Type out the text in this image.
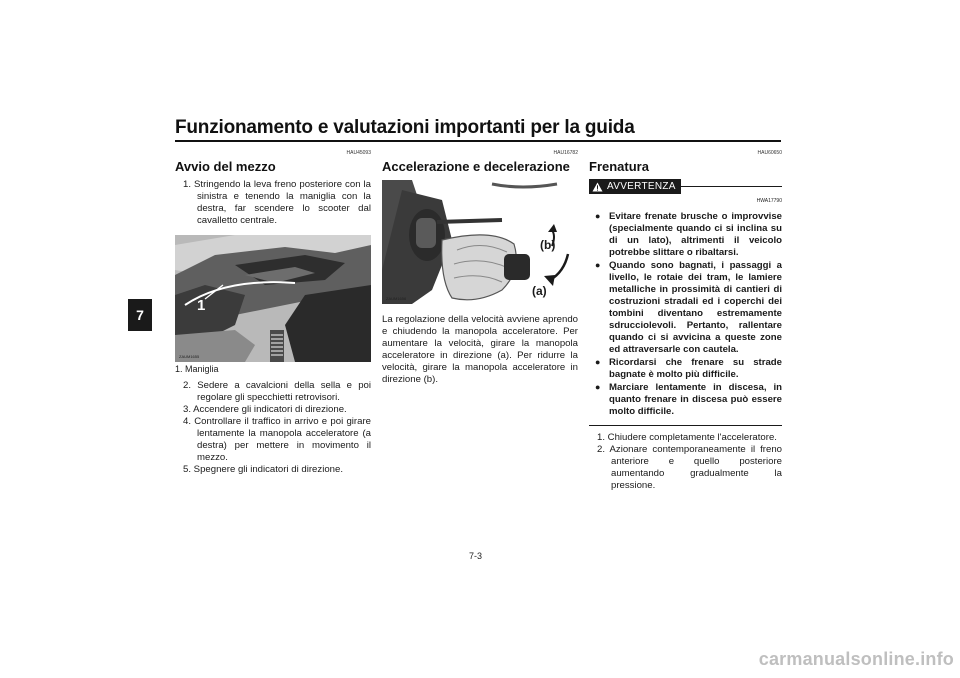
Funzionamento e valutazioni importanti per la guida
7
HAU45093
Avvio del mezzo
1. Stringendo la leva freno posteriore con la sinistra e tenendo la maniglia con la destra, far scendere lo scooter dal cavalletto centrale.
1
ZAUM1655
1. Maniglia
2. Sedere a cavalcioni della sella e poi regolare gli specchietti retrovisori.
3. Accendere gli indicatori di direzione.
4. Controllare il traffico in arrivo e poi girare lentamente la manopola acceleratore (a destra) per mettere in movimento il mezzo.
5. Spegnere gli indicatori di direzione.
HAU16782
Accelerazione e decelerazione
(b)
(a)
ZAUM1656

La regolazione della velocità avviene aprendo e chiudendo la manopola acceleratore. Per aumentare la velocità, girare la manopola acceleratore in direzione (a). Per ridurre la velocità, girare la manopola acceleratore in direzione (b).

HAU60650
Frenatura
AVVERTENZA
HWA17790
● Evitare frenate brusche o improvvise (specialmente quando ci si inclina su di un lato), altrimenti il veicolo potrebbe slittare o ribaltarsi.
● Quando sono bagnati, i passaggi a livello, le rotaie dei tram, le lamiere metalliche in prossimità di cantieri di costruzioni stradali ed i coperchi dei tombini diventano estremamente sdrucciolevoli. Pertanto, rallentare quando ci si avvicina a queste zone ed attraversarle con cautela.
● Ricordarsi che frenare su strade bagnate è molto più difficile.
● Marciare lentamente in discesa, in quanto frenare in discesa può essere molto difficile.
1. Chiudere completamente l'acceleratore.
2. Azionare contemporaneamente il freno anteriore e quello posteriore aumentando gradualmente la pressione.
7-3
carmanualsonline.info
